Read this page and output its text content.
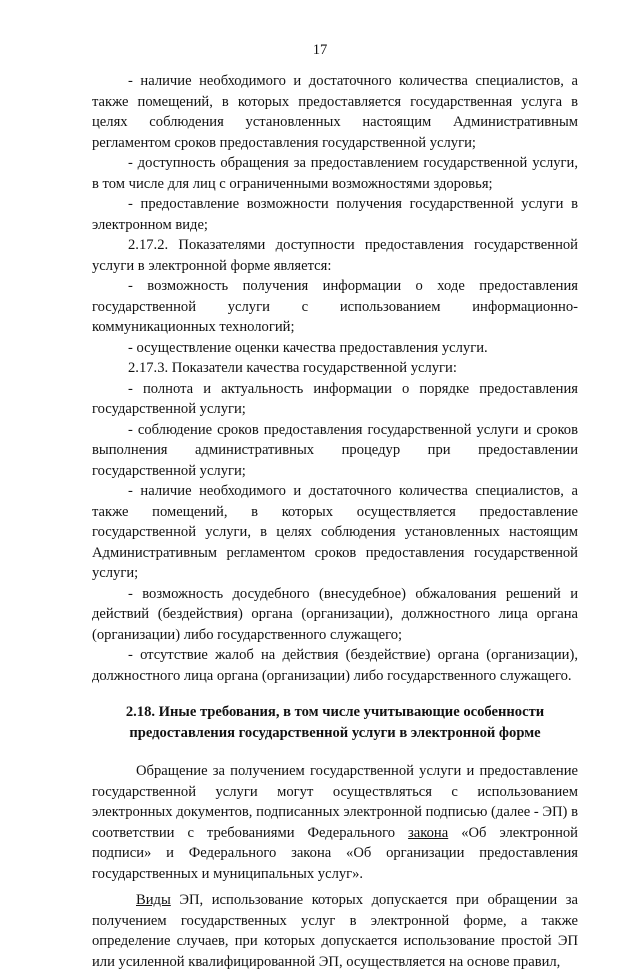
17

- наличие необходимого и достаточного количества специалистов, а также помещений, в которых предоставляется государственная услуга в целях соблюдения установленных настоящим Административным регламентом сроков предоставления государственной услуги;

- доступность обращения за предоставлением государственной услуги, в том числе для лиц с ограниченными возможностями здоровья;

- предоставление возможности получения государственной услуги в электронном виде;

2.17.2. Показателями доступности предоставления государственной услуги в электронной форме является:

- возможность получения информации о ходе предоставления государственной услуги с использованием информационно-коммуникационных технологий;

- осуществление оценки качества предоставления услуги.

2.17.3. Показатели качества государственной услуги:

- полнота и актуальность информации о порядке предоставления государственной услуги;

- соблюдение сроков предоставления государственной услуги и сроков выполнения административных процедур при предоставлении государственной услуги;

- наличие необходимого и достаточного количества специалистов, а также помещений, в которых осуществляется предоставление государственной услуги, в целях соблюдения установленных настоящим Административным регламентом сроков предоставления государственной услуги;

- возможность досудебного (внесудебное) обжалования решений и действий (бездействия) органа (организации), должностного лица органа (организации) либо государственного служащего;

- отсутствие жалоб на действия (бездействие) органа (организации), должностного лица органа (организации) либо государственного служащего.

2.18. Иные требования, в том числе учитывающие особенности
предоставления государственной услуги в электронной форме

Обращение за получением государственной услуги и предоставление государственной услуги могут осуществляться с использованием электронных документов, подписанных электронной подписью (далее - ЭП) в соответствии с требованиями Федерального закона «Об электронной подписи» и Федерального закона «Об организации предоставления государственных и муниципальных услуг».

Виды ЭП, использование которых допускается при обращении за получением государственных услуг в электронной форме, а также определение случаев, при которых допускается использование простой ЭП или усиленной квалифицированной ЭП, осуществляется на основе правил,
